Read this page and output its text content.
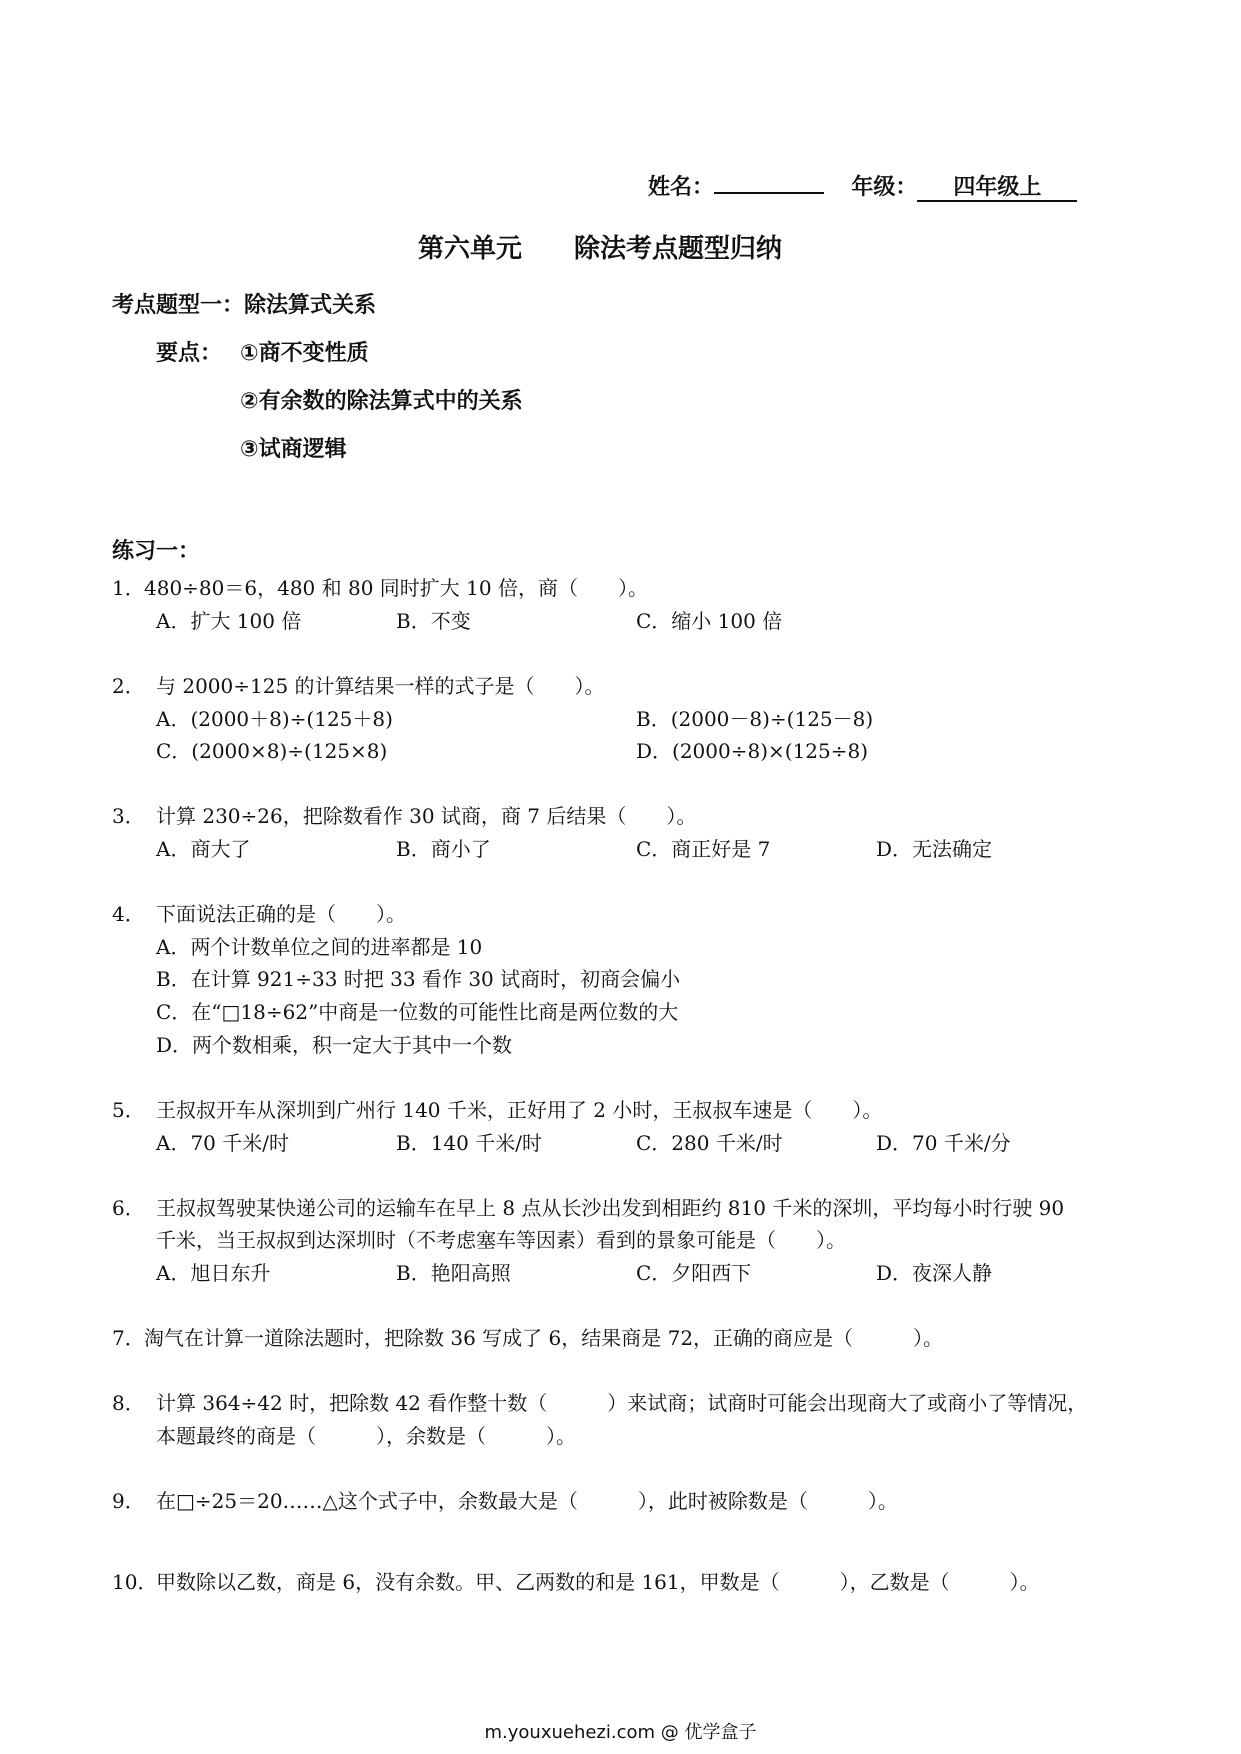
姓名：	年级： 四年级上
第六单元　　除法考点题型归纳
考点题型一：除法算式关系
要点： ①商不变性质
②有余数的除法算式中的关系
③试商逻辑
练习一：
1． 480÷80＝6，480 和 80 同时扩大 10 倍，商（　　）。
A．扩大 100 倍	B．不变	C．缩小 100 倍
2． 与 2000÷125 的计算结果一样的式子是（　　）。
A．(2000＋8)÷(125＋8)	B．(2000－8)÷(125－8)
C．(2000×8)÷(125×8)	D．(2000÷8)×(125÷8)
3． 计算 230÷26，把除数看作 30 试商，商 7 后结果（　　）。
A．商大了	B．商小了	C．商正好是 7	D．无法确定
4． 下面说法正确的是（　　）。
A．两个计数单位之间的进率都是 10
B．在计算 921÷33 时把 33 看作 30 试商时，初商会偏小
C．在“□18÷62”中商是一位数的可能性比商是两位数的大
D．两个数相乘，积一定大于其中一个数
5． 王叔叔开车从深圳到广州行 140 千米，正好用了 2 小时，王叔叔车速是（　　）。
A．70 千米/时	B．140 千米/时	C．280 千米/时	D．70 千米/分
6． 王叔叔驾驶某快递公司的运输车在早上 8 点从长沙出发到相距约 810 千米的深圳，平均每小时行驶 90
千米，当王叔叔到达深圳时（不考虑塞车等因素）看到的景象可能是（　　）。
A．旭日东升	B．艳阳高照	C．夕阳西下	D．夜深人静
7． 淘气在计算一道除法题时，把除数 36 写成了 6，结果商是 72，正确的商应是（　　　）。
8． 计算 364÷42 时，把除数 42 看作整十数（　　　）来试商；试商时可能会出现商大了或商小了等情况，
本题最终的商是（　　　），余数是（　　　）。
9． 在□÷25＝20……△这个式子中，余数最大是（　　　），此时被除数是（　　　）。
10．
甲数除以乙数，商是 6，没有余数。甲、乙两数的和是 161，甲数是（　　　），乙数是（　　　）。
m.youxuehezi.com @ 优学盒子
